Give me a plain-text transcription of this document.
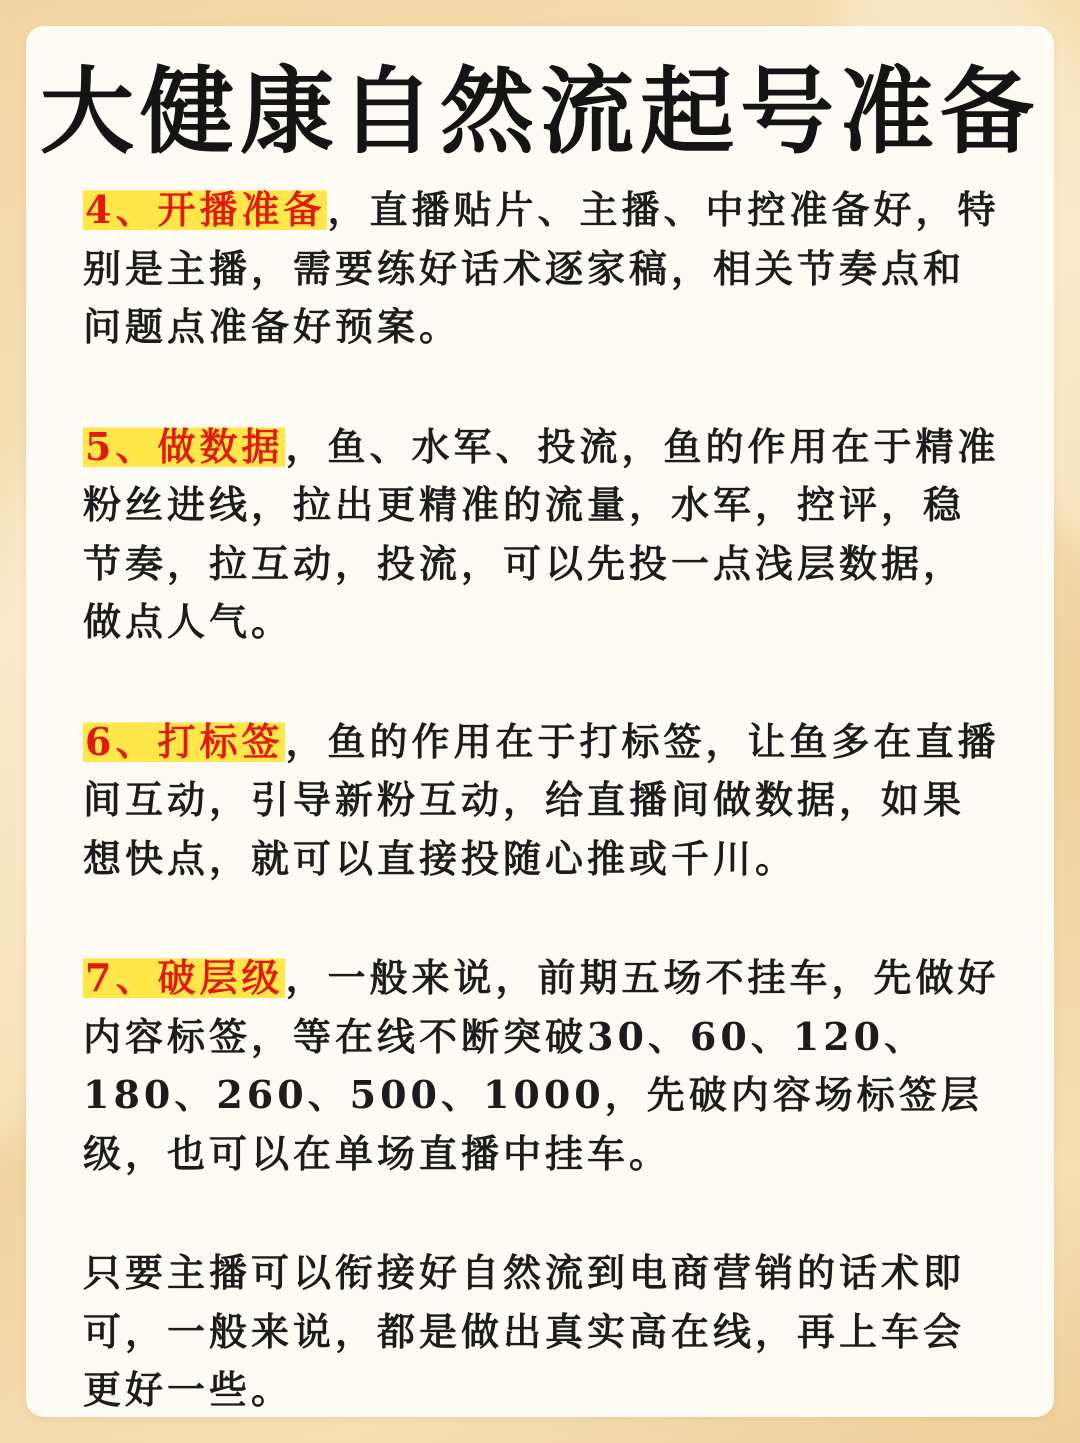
大健康自然流起号准备

4、开播准备，直播贴片、主播、中控准备好，特别是主播，需要练好话术逐家稿，相关节奏点和问题点准备好预案。

5、做数据，鱼、水军、投流，鱼的作用在于精准粉丝进线，拉出更精准的流量，水军，控评，稳节奏，拉互动，投流，可以先投一点浅层数据，做点人气。

6、打标签，鱼的作用在于打标签，让鱼多在直播间互动，引导新粉互动，给直播间做数据，如果想快点，就可以直接投随心推或千川。

7、破层级，一般来说，前期五场不挂车，先做好内容标签，等在线不断突破30、60、120、180、260、500、1000，先破内容场标签层级，也可以在单场直播中挂车。

只要主播可以衔接好自然流到电商营销的话术即可，一般来说，都是做出真实高在线，再上车会更好一些。
